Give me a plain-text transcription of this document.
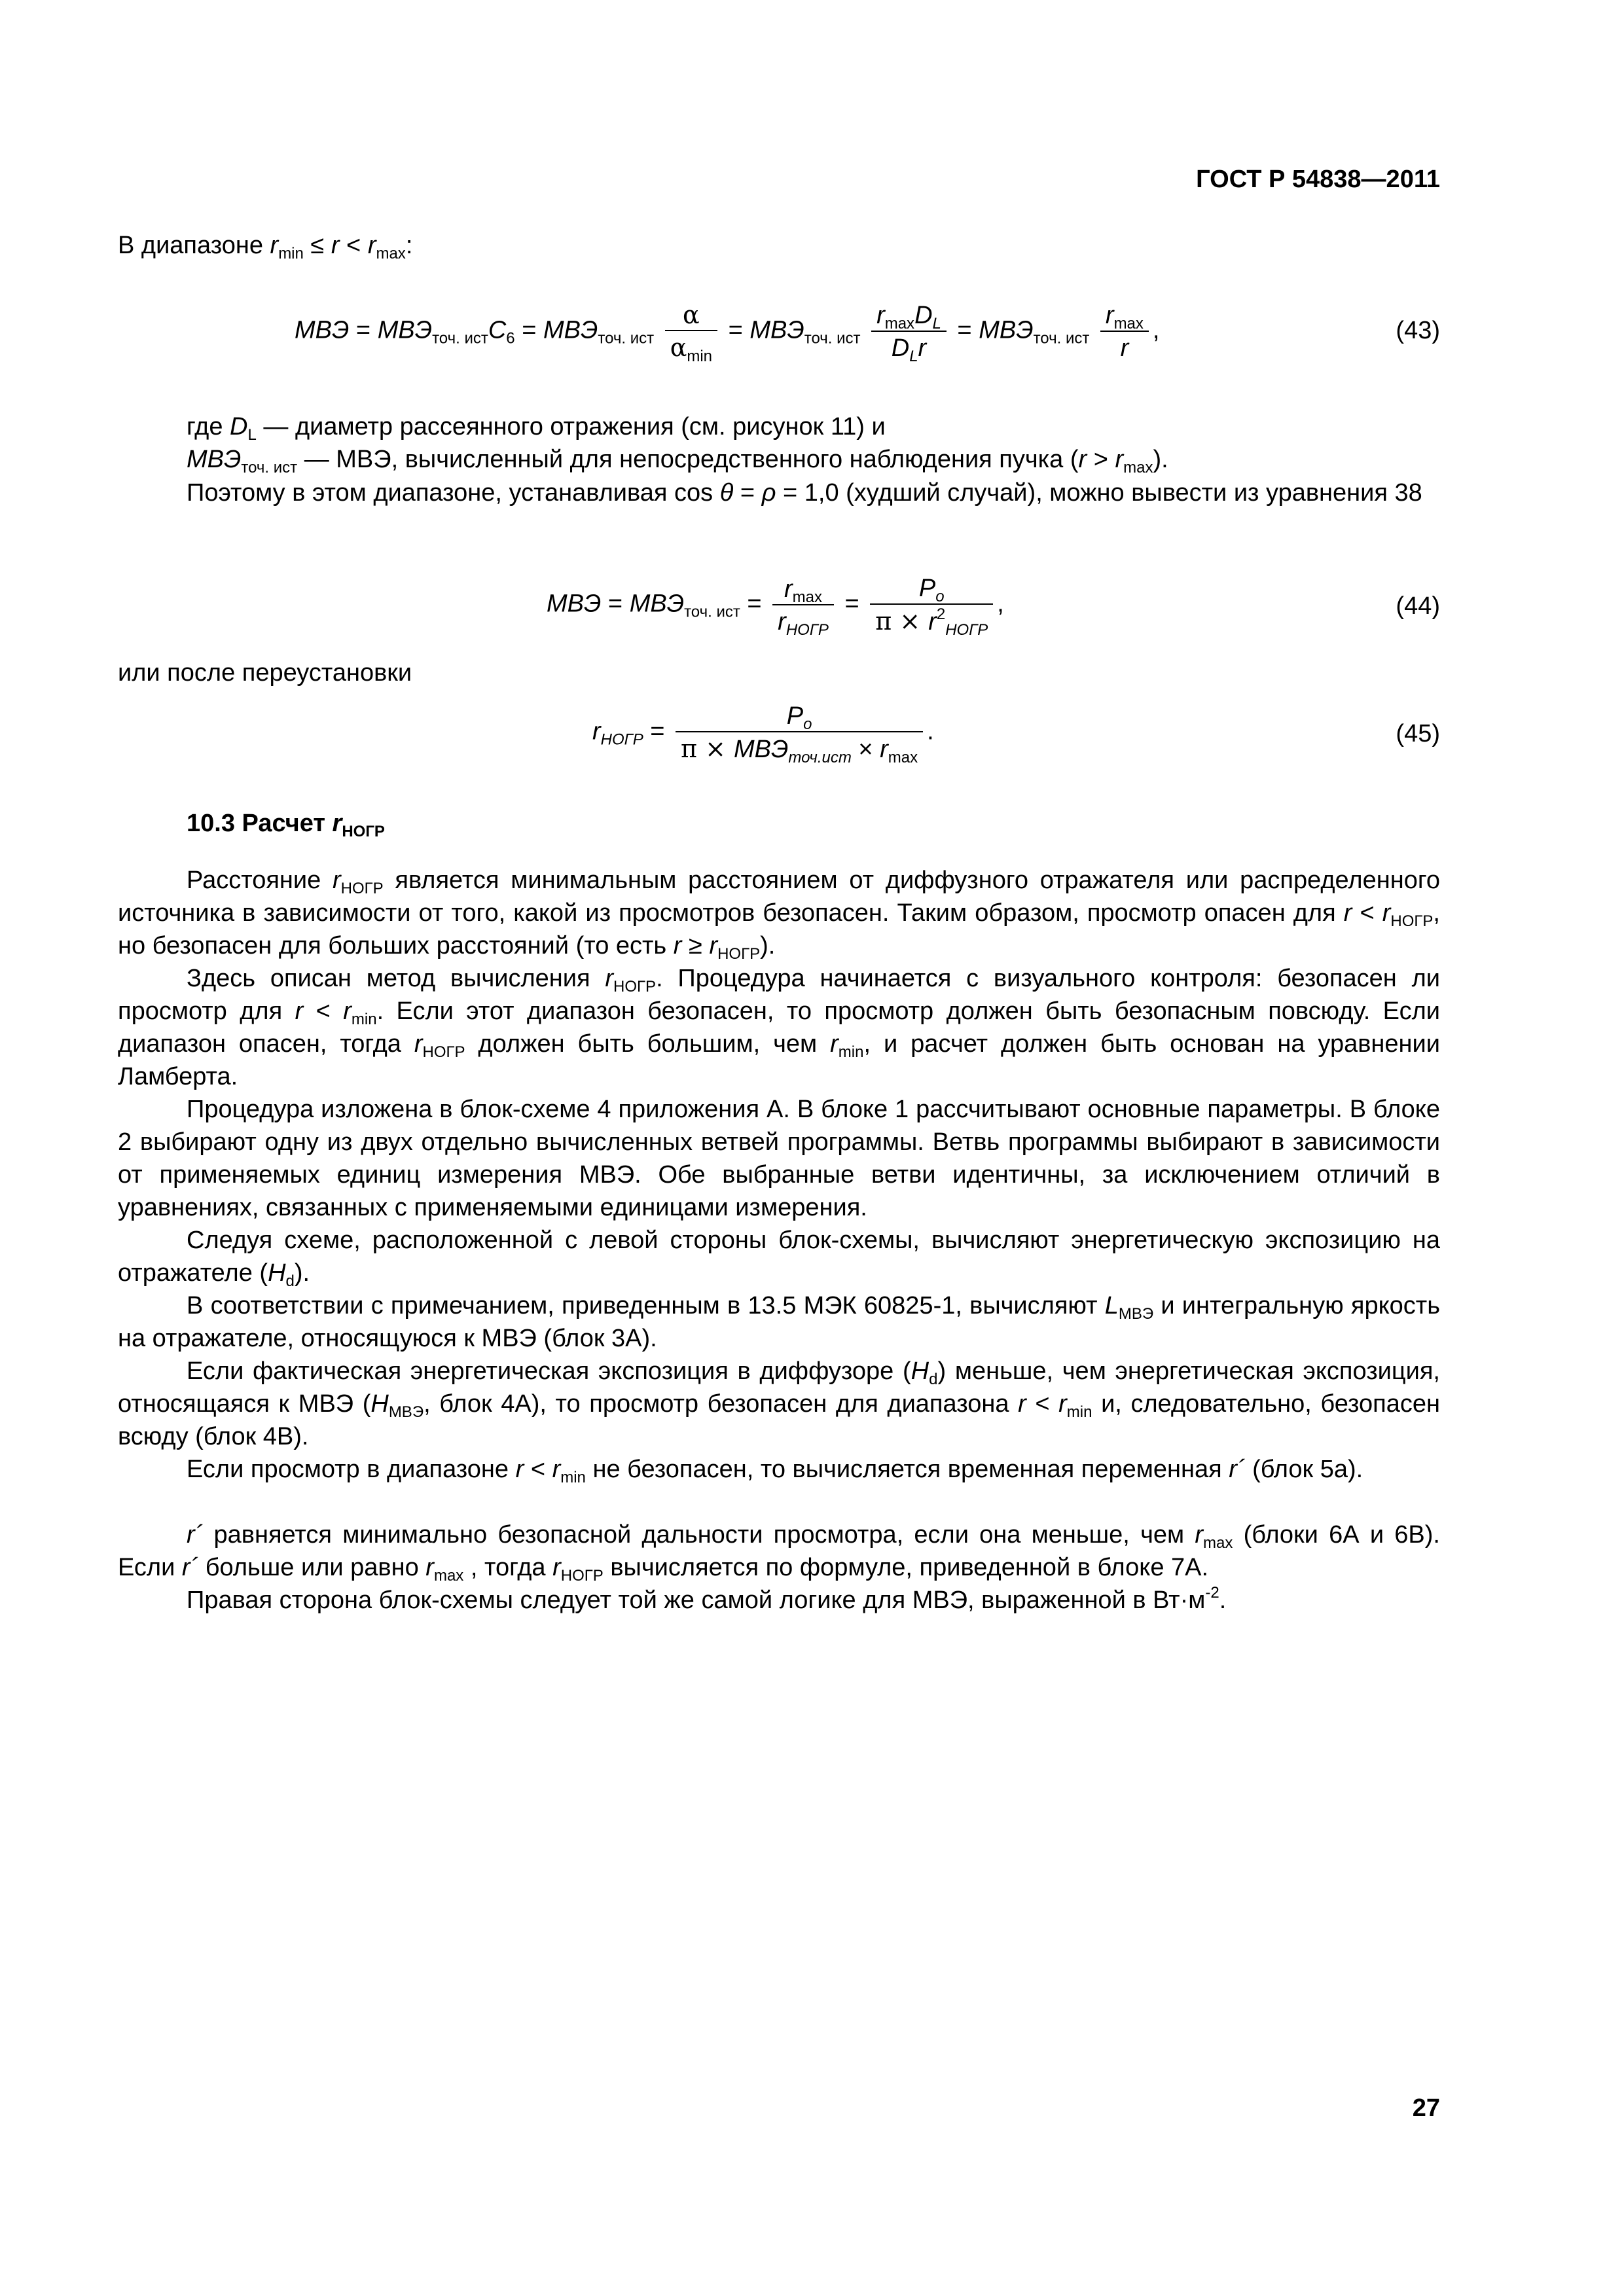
ГОСТ Р 54838—2011
В диапазоне $r_{min} \le r < r_{max}$:
МВЭ = $МВЭ_{точ. ист}C_6 = МВЭ_{точ. ист} \frac{\alpha}{\alpha_{min}} = МВЭ_{точ. ист} \frac{r_{max}D_L}{D_Lr} = МВЭ_{точ. ист} \frac{r_{max}}{r}$ ,	(43)
где $D_L$ — диаметр рассеянного отражения (см. рисунок 11) и
$МВЭ_{точ. ист}$ — МВЭ, вычисленный для непосредственного наблюдения пучка $(r > r_{max})$.

Поэтому в этом диапазоне, устанавливая cos θ = ρ = 1,0 (худший случай), можно вывести из уравнения 38

МВЭ = $МВЭ_{точ. ист} = \frac{r_{max}}{r_{НОГР}} = \frac{P_o}{\pi \times r^2_{НОГР}}$ ,	(44)
или после переустановки
$r_{НОГР} = \frac{P_o}{\pi \times МВЭ_{точ.ист} \times r_{max}}$ .	(45)
10.3 Расчет $r_{НОГР}$

Расстояние $r_{НОГР}$ является минимальным расстоянием от диффузного отражателя или распределенного источника в зависимости от того, какой из просмотров безопасен. Таким образом, просмотр опасен для $r < r_{НОГР}$, но безопасен для больших расстояний (то есть $r \ge r_{НОГР}$).

Здесь описан метод вычисления $r_{НОГР}$. Процедура начинается с визуального контроля: безопасен ли просмотр для $r < r_{min}$. Если этот диапазон безопасен, то просмотр должен быть безопасным повсюду. Если диапазон опасен, тогда $r_{НОГР}$ должен быть большим, чем $r_{min}$, и расчет должен быть основан на уравнении Ламберта.

Процедура изложена в блок-схеме 4 приложения А. В блоке 1 рассчитывают основные параметры. В блоке 2 выбирают одну из двух отдельно вычисленных ветвей программы. Ветвь программы выбирают в зависимости от применяемых единиц измерения МВЭ. Обе выбранные ветви идентичны, за исключением отличий в уравнениях, связанных с применяемыми единицами измерения.

Следуя схеме, расположенной с левой стороны блок-схемы, вычисляют энергетическую экспозицию на отражателе $(H_d)$.

В соответствии с примечанием, приведенным в 13.5 МЭК 60825-1, вычисляют $L_{МВЭ}$ и интегральную яркость на отражателе, относящуюся к МВЭ (блок 3А).

Если фактическая энергетическая экспозиция в диффузоре $(H_d)$ меньше, чем энергетическая экспозиция, относящаяся к МВЭ ($H_{МВЭ}$, блок 4А), то просмотр безопасен для диапазона $r < r_{min}$ и, следовательно, безопасен всюду (блок 4В).

Если просмотр в диапазоне $r < r_{min}$ не безопасен, то вычисляется временная переменная r´ (блок 5а).

r´ равняется минимально безопасной дальности просмотра, если она меньше, чем $r_{max}$ (блоки 6А и 6В). Если r´ больше или равно $r_{max}$ , тогда $r_{НОГР}$ вычисляется по формуле, приведенной в блоке 7А.

Правая сторона блок-схемы следует той же самой логике для МВЭ, выраженной в $Вт\cdot м^{-2}$.

27
